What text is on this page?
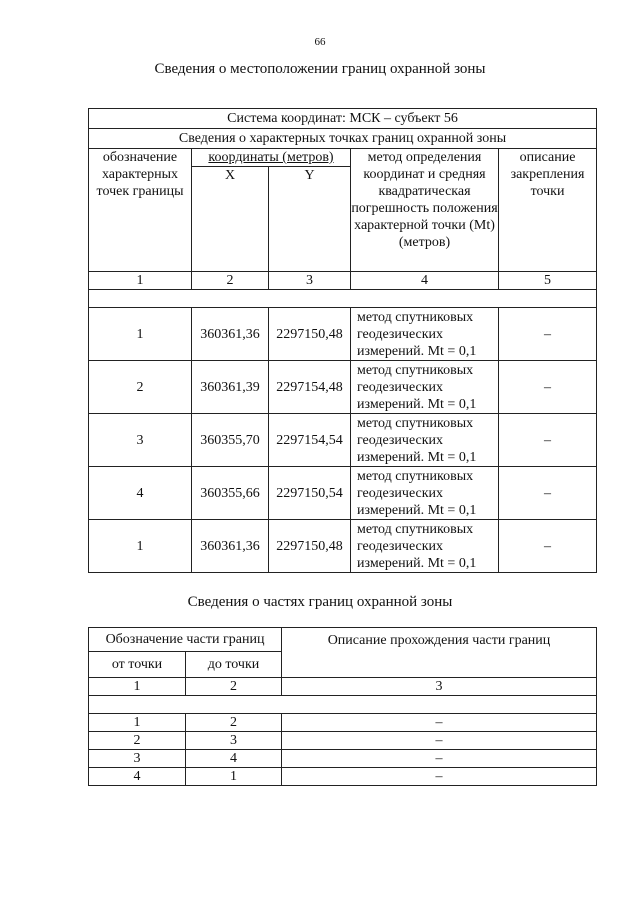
66
Сведения о местоположении границ охранной зоны
Система координат: МСК – субъект 56				
Сведения о характерных точках границ охранной зоны				
обозначение характерных точек границы	координаты (метров)		метод определения координат и средняя квадратическая погрешность положения характерной точки (Mt) (метров)	описание закрепления точки
	X	Y		
1	2	3	4	5

1	360361,36	2297150,48	метод спутниковых геодезических измерений. Mt = 0,1	–
2	360361,39	2297154,48	метод спутниковых геодезических измерений. Mt = 0,1	–
3	360355,70	2297154,54	метод спутниковых геодезических измерений. Mt = 0,1	–
4	360355,66	2297150,54	метод спутниковых геодезических измерений. Mt = 0,1	–
1	360361,36	2297150,48	метод спутниковых геодезических измерений. Mt = 0,1	–
Сведения о частях границ охранной зоны
Обозначение части границ		Описание прохождения части границ
от точки	до точки	
1	2	3

1	2	–
2	3	–
3	4	–
4	1	–
